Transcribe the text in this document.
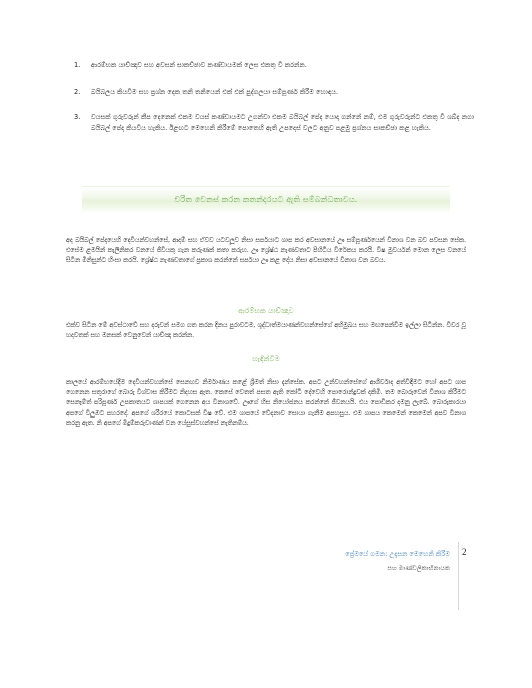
1.	ආරම්භක යාච්ඤාව සහ අවසන් සාකච්ඡාව කණ්ඩායමක් ලෙස එකතු වී කරන්න.
2.	බයිබලය කියවීම සහ ප්‍රශ්න දෙක තනි තනියෙන් එක් එක් පුද්ගලයා සම්පූර්ණ කිරීම හොඳය.
3.	වයසක් ගුරුවරුන් කීප දෙනෙක් එකම වයස් කණ්ඩායමට උගන්වා එකම බයිබල් පේද යොදා ගන්නේ නම්, එම ගුරුවරුන්ට එකතු වී ශබ්ද නගා බයිබල් පේද කියවිය හැකිය. ඊළඟට මෙහෙනි කිරීමේ පොතෙහි ඇති උපදෙස් වලට අනුව පළමු ප්‍රශ්නය සාකච්ඡා කළ හැකිය.
චරිත වෙනස් කරන කතන්දරයට ඇති සම්බන්ධතාවය.

අද බයිබල් පේදයෙහි දෙවියන්වහන්සේ, ආදම් සහ ඒවව යටවලූව නිසා සර්පයාට ශාප කර අවසානයේ ඌ සම්පූර්ණයෙන් විනාශ වන බව පවසන සේක. එසේම ළමයින් කැලිනිකර වනයේ ජීවියකු ගැන කරුණක් කතා කරුහ. ඌ ශ්‍රේෂ්ඨ නැණවතාට පිහිටිය විරේකය කරයි. විෂ මුවර්යන් මොන ලෙස වනයේ සිටින මිනිසුන්ට හිංසා කරයි. ශ්‍රේෂ්ඨ නැණවතාගේ ප්‍රකාශ කරන්නේ සර්පයා ඌ කළ දේය නිසා අවසානයේ විනාශ වන බවය.

ආරම්භක යාච්ඤාව

එක්ව සිටින මේ අවස්ථාවේ සහ දරුවන් සමග ගත කරන දිනය පුරාවටම, ශුද්ධාත්මයාණන්වහන්සේගේ අභිමුඛය සහ මඟපෙන්වීම ඉල්ලා සිටින්න. විවර වූ හදවතක් සහ මනසක් වෙනුවෙන් යාච්ඤා කරන්න.

හැඳින්වීම

කාලයේ ආරම්භයේදීම දෙවියන්වහන්සේ සෙනහව නිර්මාණය කළේ ශ්‍රීමත් නිසා දැන්සේක. අපට උන්වහන්සේගේ ආශීර්වාද අත්විඳීමට හෝ අපට ශාප ගෙනෙන සතුරාගේ බොරු විශ්වාස කිරීමට නිදහස ඇත. කෙසේ වෙතත් පසත ඇති කෝටි දේවෙහි පොරොන්දුවක් දකිමි. තම බොරුවෙන් විනාශ කිරීමට සෙනෑම්ත් පරිපූර්ණ උපකාතයට ශාපයක් ගෙනෙන අය විනාශවේ. ඌගේ හිස නියෝජනය කරන්නේ ජීවනයයි. එය පොඩිකර දමනු ලැබේ. බොරුකාරයා අපගේ විලුඹට පහරදේ. අපගේ ශරීරයේ කොටසක් විෂ වේ. එම ශාපයේ වේදනාව සොයා ගැනීම අපහසුය. එම ශාපය කෙමෙන් කෙමෙන් අපව විනාශ කරනු ඇත. නි අපගේ මිදුම්කරුවාණන් වන යේසුස්වහන්සේ නැතිනම්ය.

ප්‍රේමයේ ගමන: උදැසන මෙහෙනි කිරීම
සහ මාණ්ඩලිකාභිනායක
2
